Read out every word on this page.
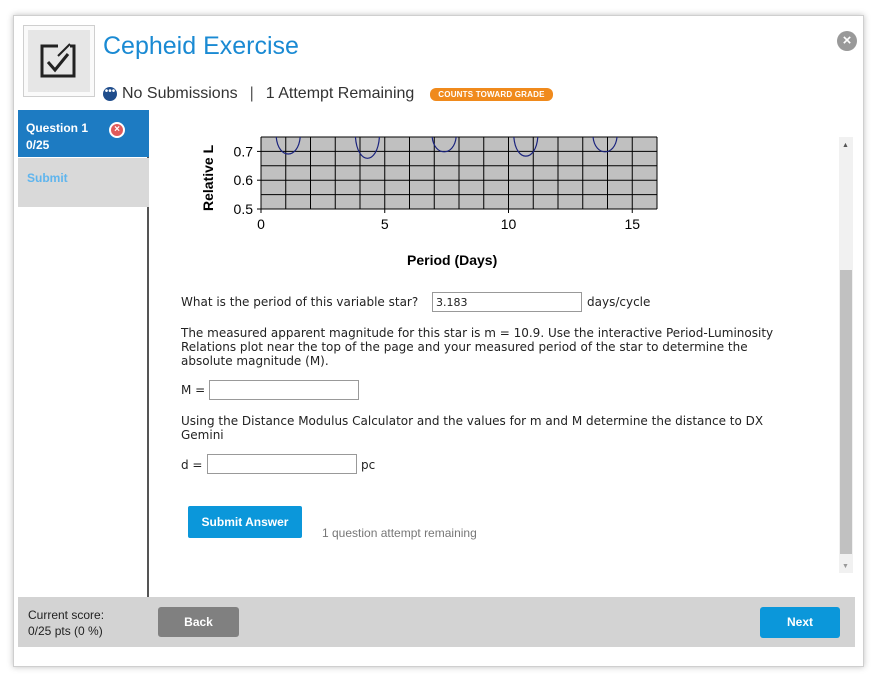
×
Cepheid Exercise
••• No Submissions | 1 Attempt Remaining	COUNTS TOWARD GRADE
Question 1
0/25
×
Submit
0	5	10	15
0.5
0.6
0.7
Relative L
Period (Days)
What is the period of this variable star?
3.183	days/cycle
The measured apparent magnitude for this star is m = 10.9. Use the interactive Period-Luminosity
Relations plot near the top of the page and your measured period of the star to determine the
absolute magnitude (M).
M =
Using the Distance Modulus Calculator and the values for m and M determine the distance to DX
Gemini
d =	pc
▲
▼
Submit Answer
1 question attempt remaining
Current score:
0/25 pts (0 %)
Back	Next
